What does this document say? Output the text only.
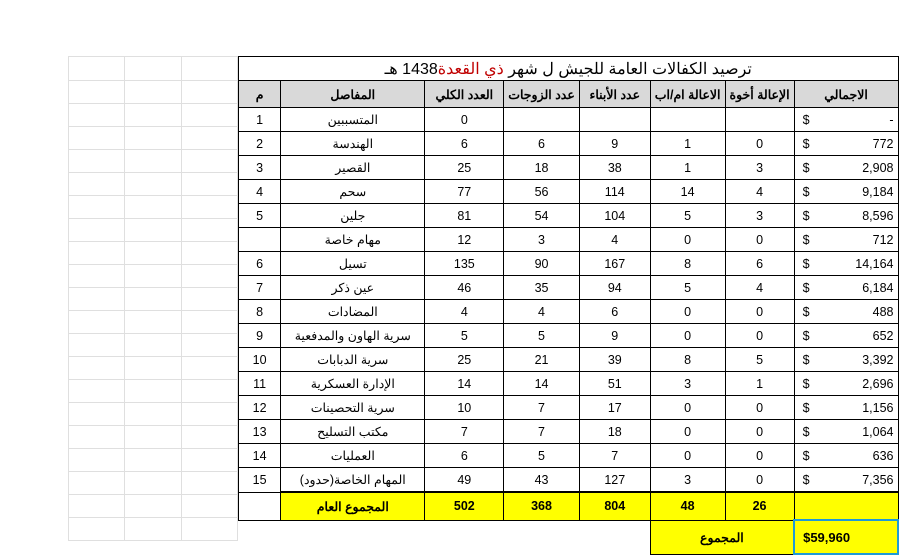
ترصيد الكفالات العامة للجيش ل شهر ذي القعدة1438 هـ							
الاجمالي	الإعالة أخوة	الاعالة ام/اب	عدد الأبناء	عدد الزوجات	العدد الكلي	المفاصل	م

$ -					0	المتسببين	1

$ 772	0	1	9	6	6	الهندسة	2

$ 2,908	3	1	38	18	25	القصير	3

$ 9,184	4	14	114	56	77	سحم	4

$ 8,596	3	5	104	54	81	جلين	5

$ 712	0	0	4	3	12	مهام خاصة	

$ 14,164	6	8	167	90	135	تسيل	6

$ 6,184	4	5	94	35	46	عين ذكر	7

$ 488	0	0	6	4	4	المضادات	8

$ 652	0	0	9	5	5	سرية الهاون والمدفعية	9

$ 3,392	5	8	39	21	25	سرية الدبابات	10

$ 2,696	1	3	51	14	14	الإدارة العسكرية	11

$ 1,156	0	0	17	7	10	سرية التحصينات	12

$ 1,064	0	0	18	7	7	مكتب التسليح	13

$ 636	0	0	7	5	6	العمليات	14

$ 7,356	0	3	127	43	49	المهام الخاصة(حدود)	15
	26	48	804	368	502	المجموع العام	
$59,960	المجموع						
